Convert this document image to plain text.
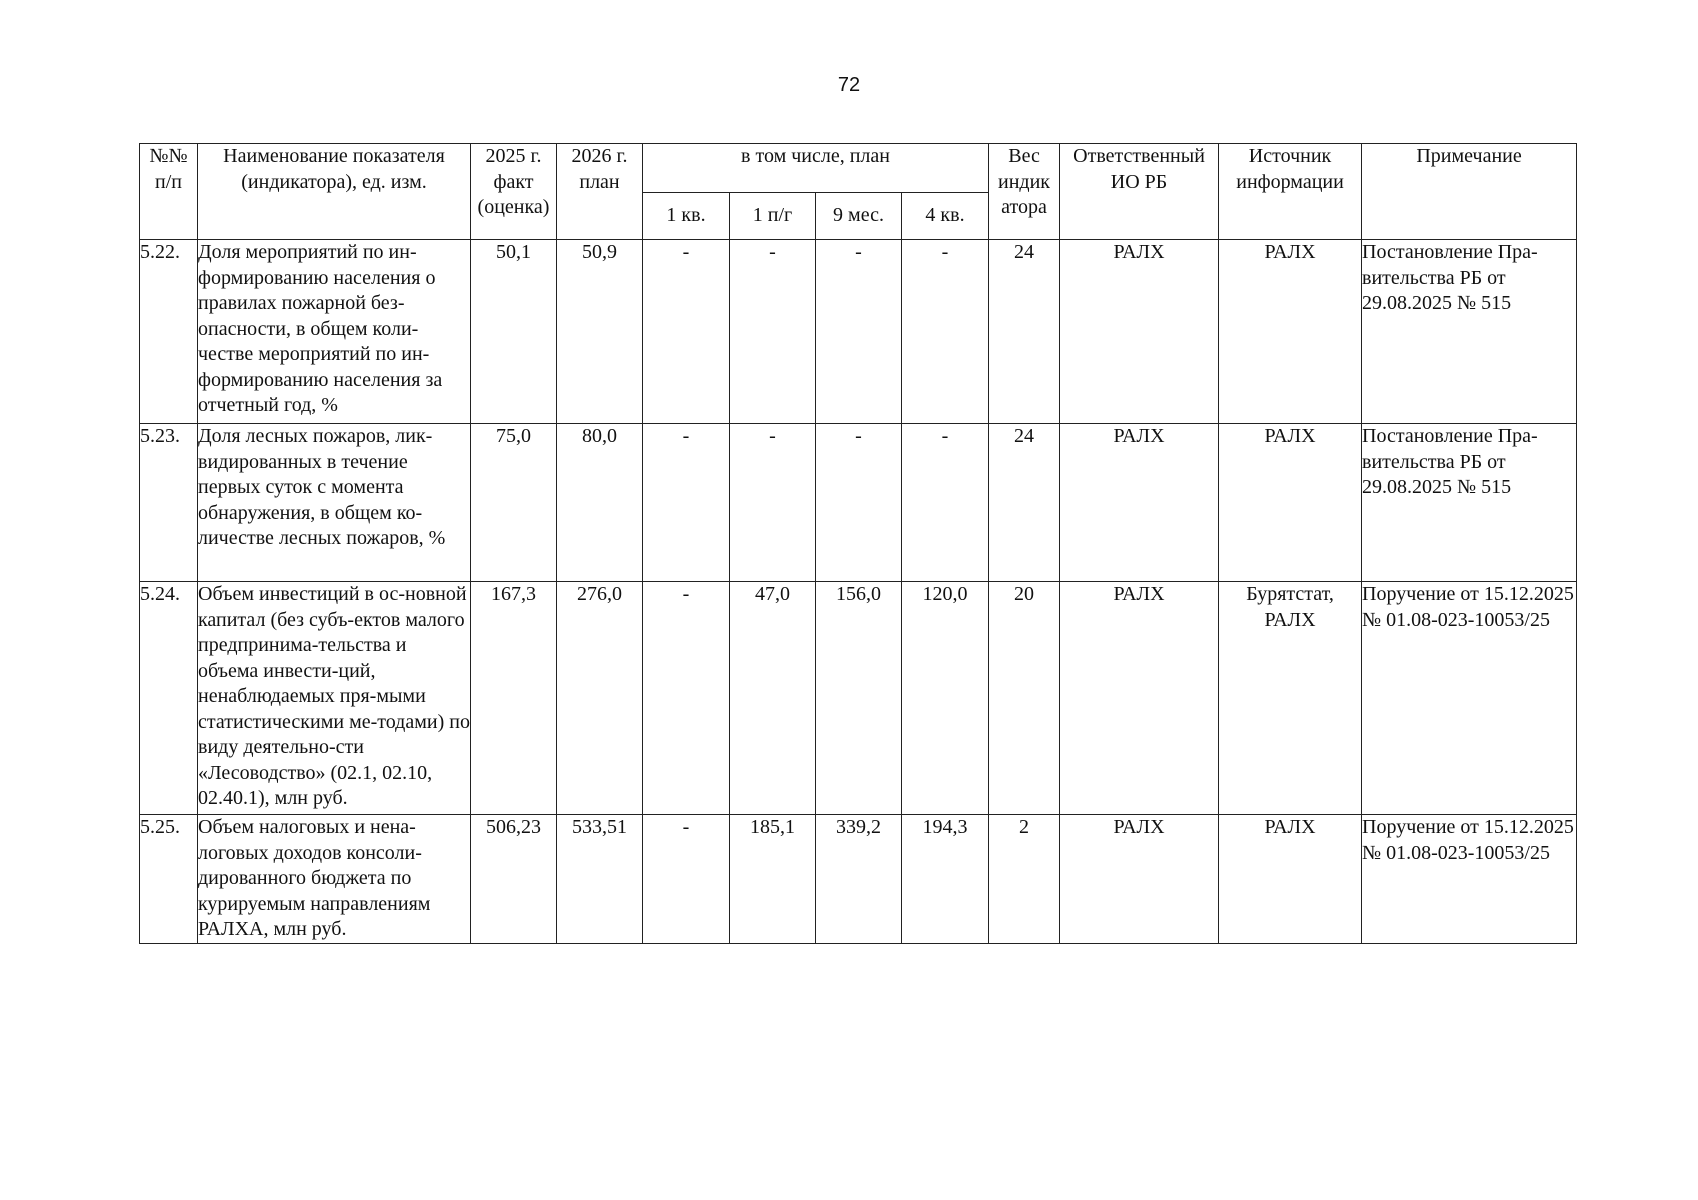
72
№№ п/п	Наименование показателя (индикатора), ед. изм.	2025 г. факт (оценка)	2026 г. план	в том числе, план				Вес индик атора	Ответственный ИО РБ	Источник информации	Примечание
				1 кв.	1 п/г	9 мес.	4 кв.				
5.22.	Доля мероприятий по ин-формированию населения о правилах пожарной без-опасности, в общем коли-честве мероприятий по ин-формированию населения за отчетный год, %	50,1	50,9	-	-	-	-	24	РАЛХ	РАЛХ	Постановление Пра-вительства РБ от 29.08.2025 № 515
5.23.	Доля лесных пожаров, лик-видированных в течение первых суток с момента обнаружения, в общем ко-личестве лесных пожаров, %	75,0	80,0	-	-	-	-	24	РАЛХ	РАЛХ	Постановление Пра-вительства РБ от 29.08.2025 № 515
5.24.	Объем инвестиций в ос-новной капитал (без субъ-ектов малого предпринима-тельства и объема инвести-ций, ненаблюдаемых пря-мыми статистическими ме-тодами) по виду деятельно-сти «Лесоводство» (02.1, 02.10, 02.40.1), млн руб.	167,3	276,0	-	47,0	156,0	120,0	20	РАЛХ	Бурятстат, РАЛХ	Поручение от 15.12.2025 № 01.08-023-10053/25
5.25.	Объем налоговых и нена-логовых доходов консоли-дированного бюджета по курируемым направлениям РАЛХА, млн руб.	506,23	533,51	-	185,1	339,2	194,3	2	РАЛХ	РАЛХ	Поручение от 15.12.2025 № 01.08-023-10053/25
